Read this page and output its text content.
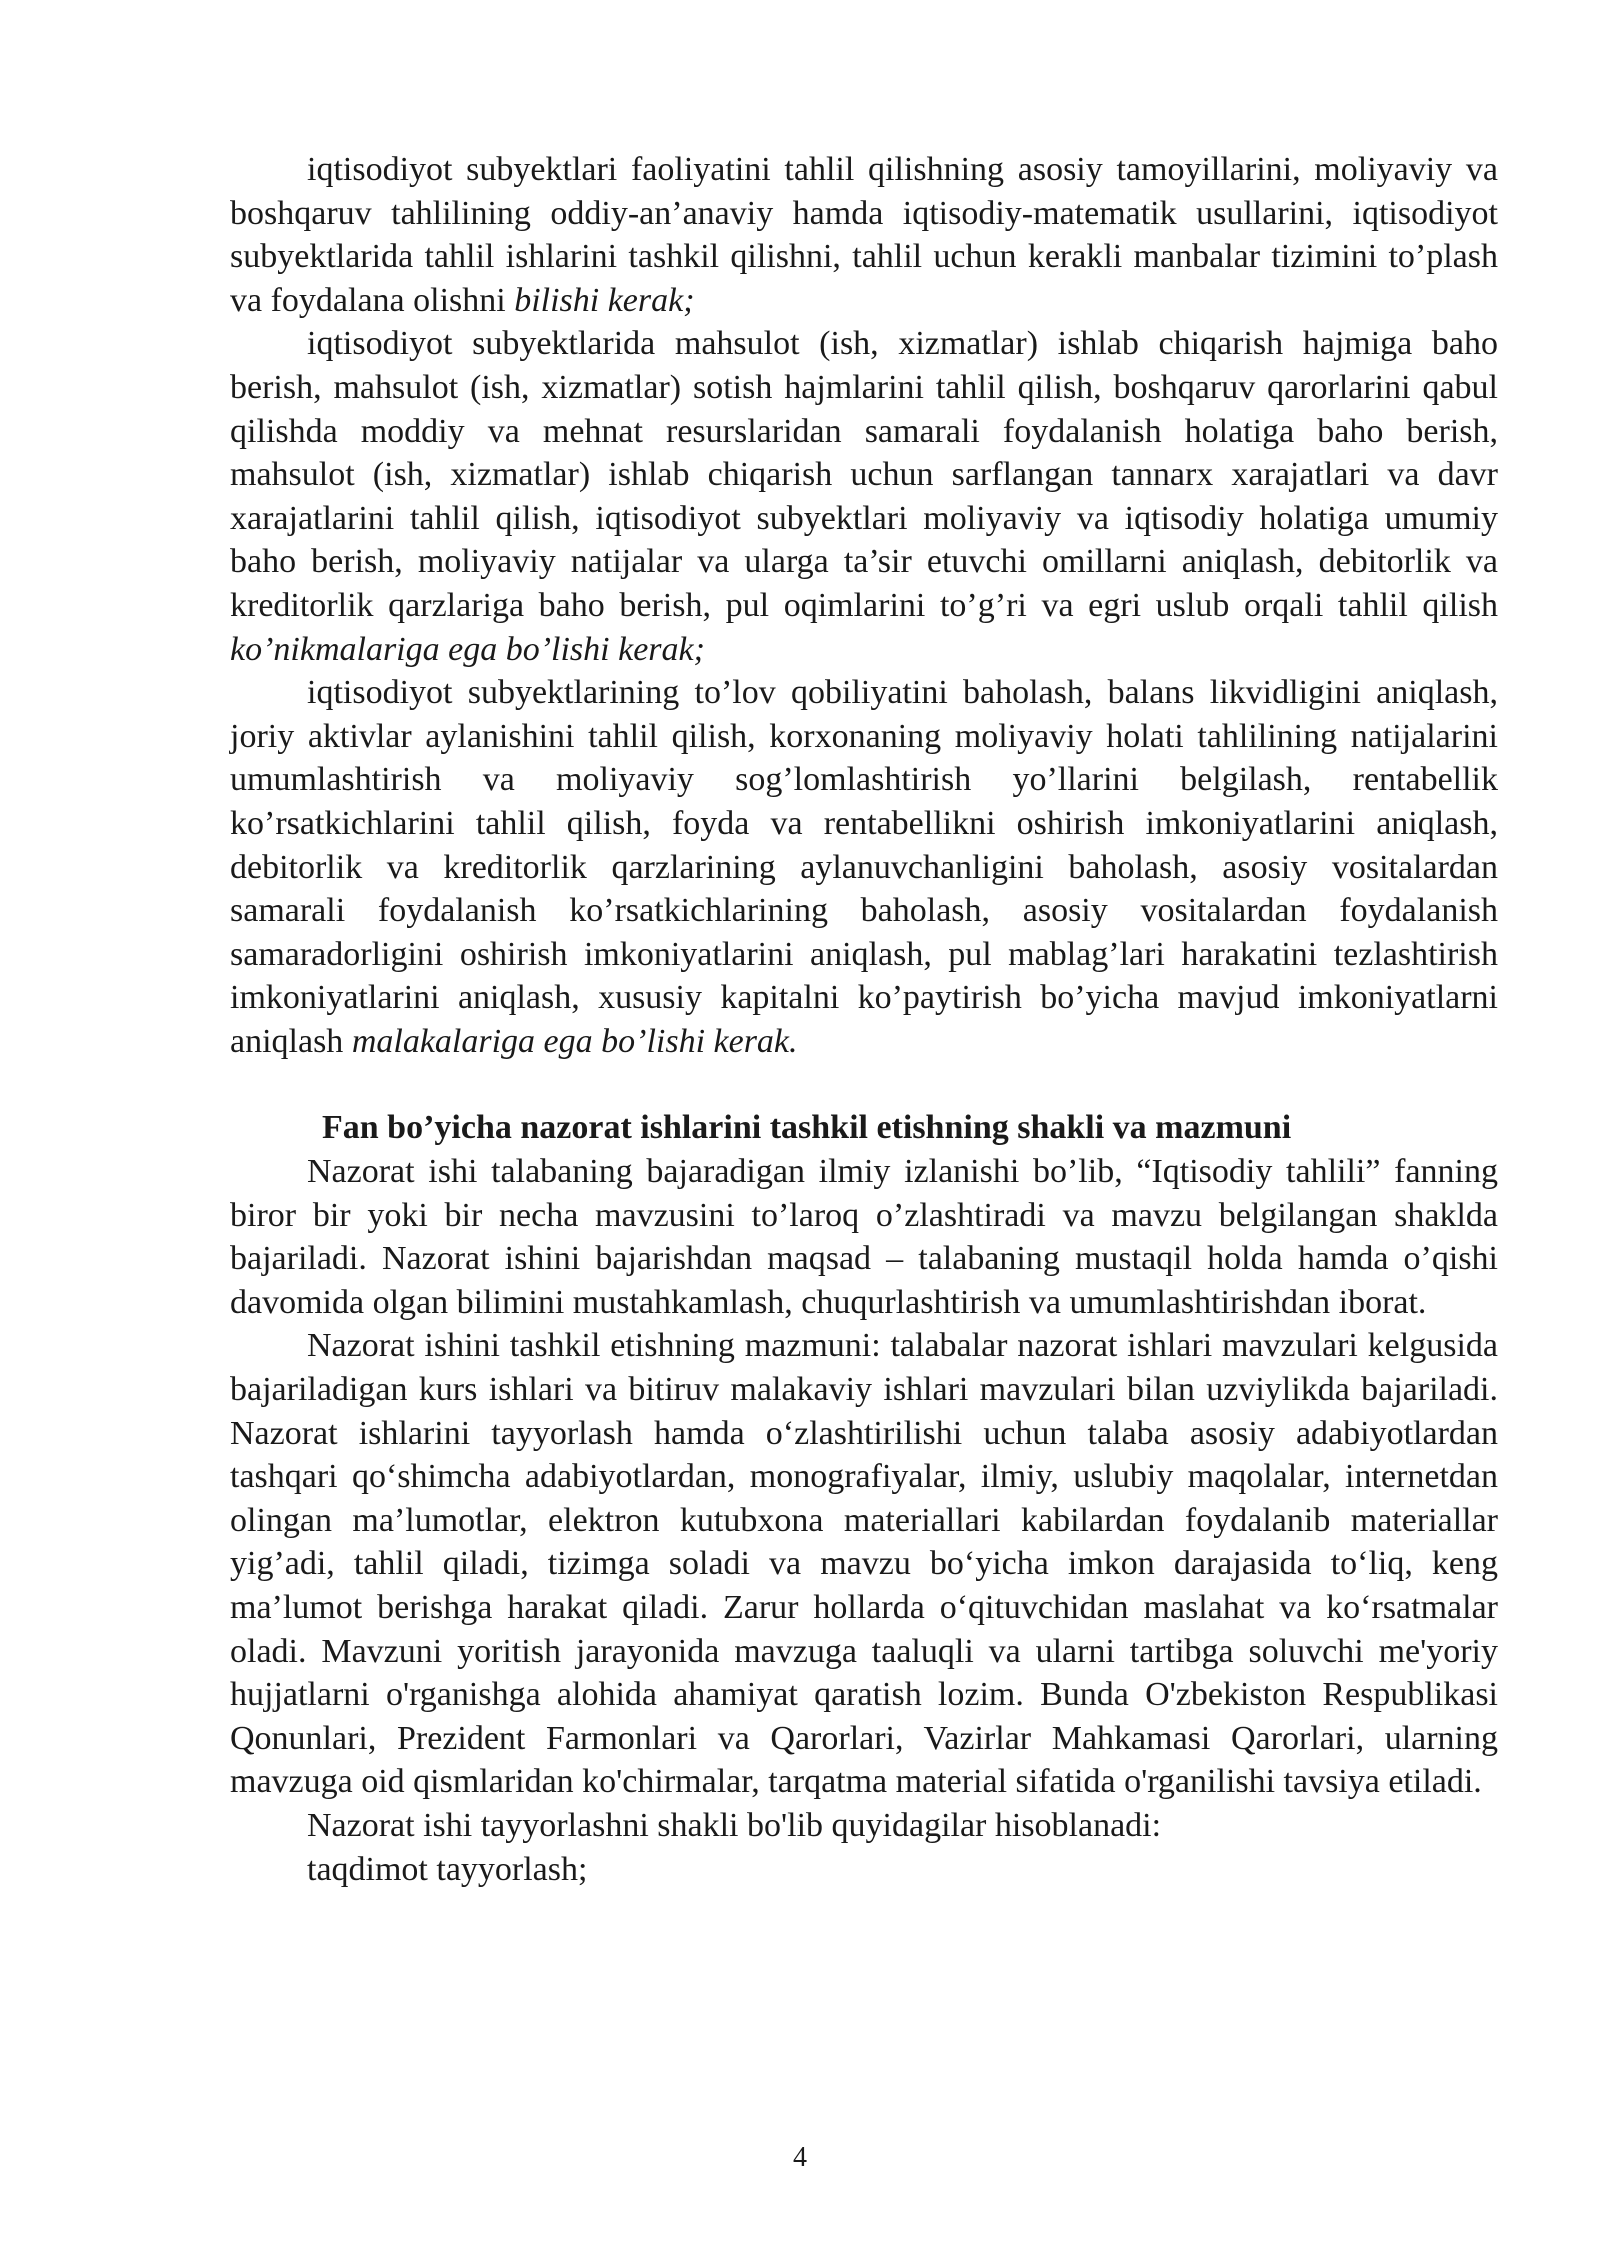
iqtisodiyot subyektlari faoliyatini tahlil qilishning asosiy tamoyillarini, moliyaviy va boshqaruv tahlilining oddiy-an’anaviy hamda iqtisodiy-matematik usullarini, iqtisodiyot subyektlarida tahlil ishlarini tashkil qilishni, tahlil uchun kerakli manbalar tizimini to’plash va foydalana olishni bilishi kerak;

iqtisodiyot subyektlarida mahsulot (ish, xizmatlar) ishlab chiqarish hajmiga baho berish, mahsulot (ish, xizmatlar) sotish hajmlarini tahlil qilish, boshqaruv qarorlarini qabul qilishda moddiy va mehnat resurslaridan samarali foydalanish holatiga baho berish, mahsulot (ish, xizmatlar) ishlab chiqarish uchun sarflangan tannarx xarajatlari va davr xarajatlarini tahlil qilish, iqtisodiyot subyektlari moliyaviy va iqtisodiy holatiga umumiy baho berish, moliyaviy natijalar va ularga ta’sir etuvchi omillarni aniqlash, debitorlik va kreditorlik qarzlariga baho berish, pul oqimlarini to’g’ri va egri uslub orqali tahlil qilish ko’nikmalariga ega bo’lishi kerak;

iqtisodiyot subyektlarining to’lov qobiliyatini baholash, balans likvidligini aniqlash, joriy aktivlar aylanishini tahlil qilish, korxonaning moliyaviy holati tahlilining natijalarini umumlashtirish va moliyaviy sog’lomlashtirish yo’llarini belgilash, rentabellik ko’rsatkichlarini tahlil qilish, foyda va rentabellikni oshirish imkoniyatlarini aniqlash, debitorlik va kreditorlik qarzlarining aylanuvchanligini baholash, asosiy vositalardan samarali foydalanish ko’rsatkichlarining baholash, asosiy vositalardan foydalanish samaradorligini oshirish imkoniyatlarini aniqlash, pul mablag’lari harakatini tezlashtirish imkoniyatlarini aniqlash, xususiy kapitalni ko’paytirish bo’yicha mavjud imkoniyatlarni aniqlash malakalariga ega bo’lishi kerak.

Fan bo’yicha nazorat ishlarini tashkil etishning shakli va mazmuni

Nazorat ishi talabaning bajaradigan ilmiy izlanishi bo’lib, “Iqtisodiy tahlili” fanning biror bir yoki bir necha mavzusini to’laroq o’zlashtiradi va mavzu belgilangan shaklda bajariladi. Nazorat ishini bajarishdan maqsad – talabaning mustaqil holda hamda o’qishi davomida olgan bilimini mustahkamlash, chuqurlashtirish va umumlashtirishdan iborat.

Nazorat ishini tashkil etishning mazmuni: talabalar nazorat ishlari mavzulari kelgusida bajariladigan kurs ishlari va bitiruv malakaviy ishlari mavzulari bilan uzviylikda bajariladi. Nazorat ishlarini tayyorlash hamda o‘zlashtirilishi uchun talaba asosiy adabiyotlardan tashqari qo‘shimcha adabiyotlardan, monografiyalar, ilmiy, uslubiy maqolalar, internetdan olingan ma’lumotlar, elektron kutubxona materiallari kabilardan foydalanib materiallar yig’adi, tahlil qiladi, tizimga soladi va mavzu bo‘yicha imkon darajasida to‘liq, keng ma’lumot berishga harakat qiladi. Zarur hollarda o‘qituvchidan maslahat va ko‘rsatmalar oladi. Mavzuni yoritish jarayonida mavzuga taaluqli va ularni tartibga soluvchi me'yoriy hujjatlarni o'rganishga alohida ahamiyat qaratish lozim. Bunda O'zbekiston Respublikasi Qonunlari, Prezident Farmonlari va Qarorlari, Vazirlar Mahkamasi Qarorlari, ularning mavzuga oid qismlaridan ko'chirmalar, tarqatma material sifatida o'rganilishi tavsiya etiladi.

Nazorat ishi tayyorlashni shakli bo'lib quyidagilar hisoblanadi:

taqdimot tayyorlash;

4
